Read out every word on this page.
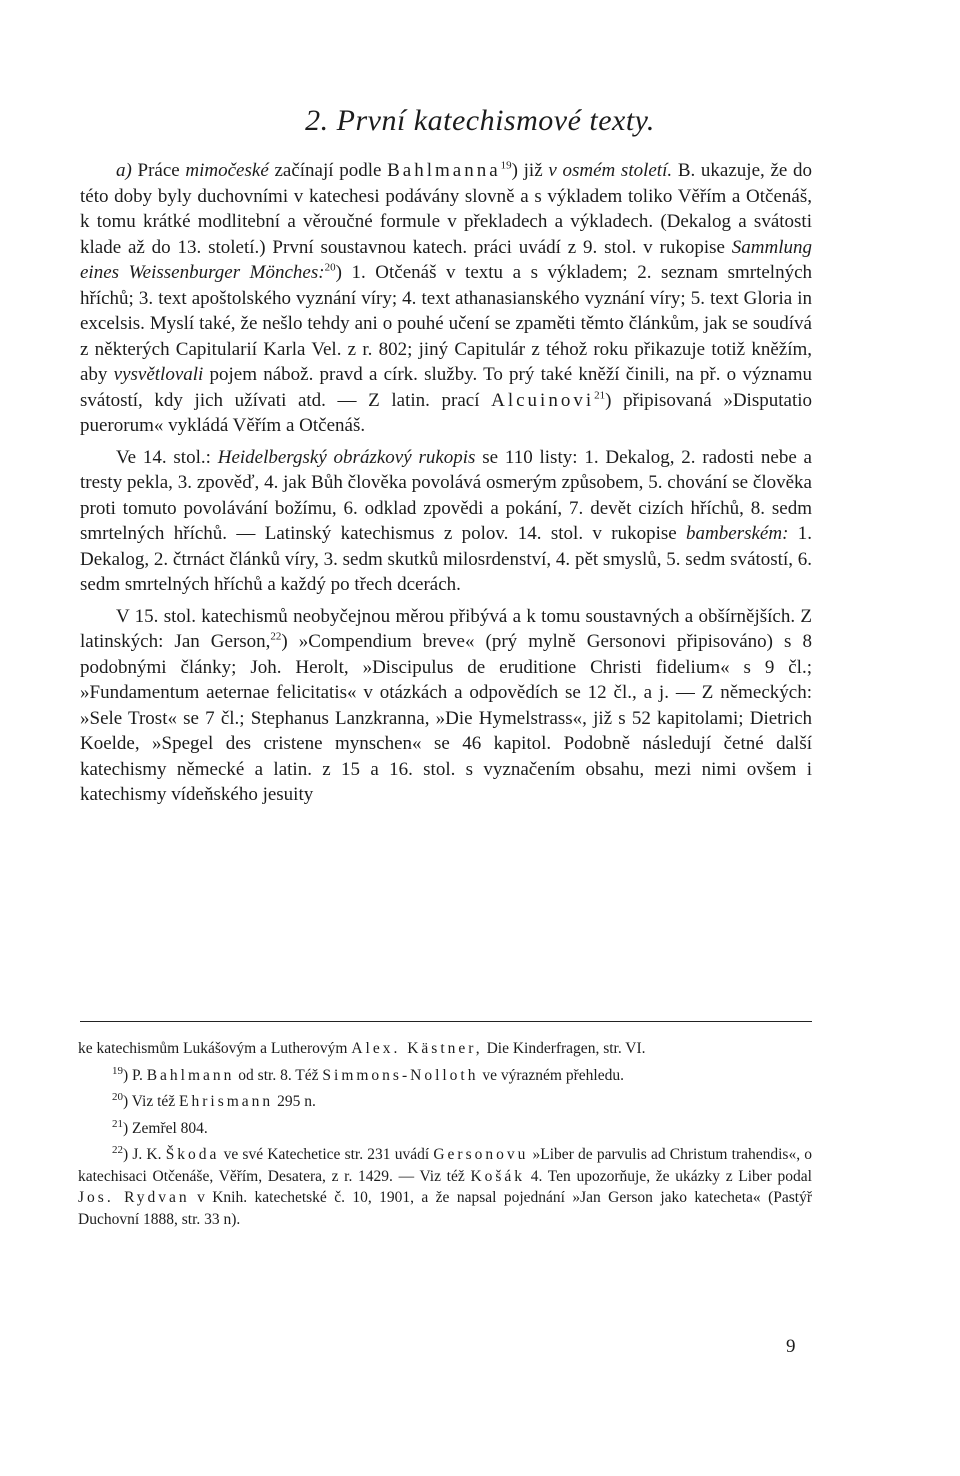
2. První katechismové texty.

a) Práce mimočeské začínají podle Bahlmanna$^{19}$) již v osmém století. B. ukazuje, že do této doby byly duchovními v katechesi podávány slovně a s výkladem toliko Věřím a Otčenáš, k tomu krátké modlitební a věroučné formule v překladech a výkladech. (Dekalog a svátosti klade až do 13. století.) První soustavnou katech. práci uvádí z 9. stol. v rukopise Sammlung eines Weissenburger Mönches:$^{20}$) 1. Otčenáš v textu a s výkladem; 2. seznam smrtelných hříchů; 3. text apoštolského vyznání víry; 4. text athanasianského vyznání víry; 5. text Gloria in excelsis. Myslí také, že nešlo tehdy ani o pouhé učení se zpaměti těmto článkům, jak se soudívá z některých Capitularií Karla Vel. z r. 802; jiný Capitulár z téhož roku přikazuje totiž kněžím, aby vysvětlovali pojem nábož. pravd a círk. služby. To prý také kněží činili, na př. o významu svátostí, kdy jich užívati atd. — Z latin. prací Alcuinovi$^{21}$) připisovaná »Disputatio puerorum« vykládá Věřím a Otčenáš.

Ve 14. stol.: Heidelbergský obrázkový rukopis se 110 listy: 1. Dekalog, 2. radosti nebe a tresty pekla, 3. zpověď, 4. jak Bůh člověka povolává osmerým způsobem, 5. chování se člověka proti tomuto povolávání božímu, 6. odklad zpovědi a pokání, 7. devět cizích hříchů, 8. sedm smrtelných hříchů. — Latinský katechismus z polov. 14. stol. v rukopise bamberském: 1. Dekalog, 2. čtrnáct článků víry, 3. sedm skutků milosrdenství, 4. pět smyslů, 5. sedm svátostí, 6. sedm smrtelných hříchů a každý po třech dcerách.

V 15. stol. katechismů neobyčejnou měrou přibývá a k tomu soustavných a obšírnějších. Z latinských: Jan Gerson,$^{22}$) »Compendium breve« (prý mylně Gersonovi připisováno) s 8 podobnými články; Joh. Herolt, »Discipulus de eruditione Christi fidelium« s 9 čl.; »Fundamentum aeternae felicitatis« v otázkách a odpovědích se 12 čl., a j. — Z německých: »Sele Trost« se 7 čl.; Stephanus Lanzkranna, »Die Hymelstrass«, již s 52 kapitolami; Dietrich Koelde, »Spegel des cristene mynschen« se 46 kapitol. Podobně následují četné další katechismy německé a latin. z 15 a 16. stol. s vyznačením obsahu, mezi nimi ovšem i katechismy vídeňského jesuity

ke katechismům Lukášovým a Lutherovým Alex. Kästner, Die Kinderfragen, str. VI.

$^{19}$) P. Bahlmann od str. 8. Též Simmons-Nolloth ve výrazném přehledu.

$^{20}$) Viz též Ehrismann 295 n.

$^{21}$) Zemřel 804.

$^{22}$) J. K. Škoda ve své Katechetice str. 231 uvádí Gersonovu »Liber de parvulis ad Christum trahendis«, o katechisaci Otčenáše, Věřím, Desatera, z r. 1429. — Viz též Košák 4. Ten upozorňuje, že ukázky z Liber podal Jos. Rydvan v Knih. katechetské č. 10, 1901, a že napsal pojednání »Jan Gerson jako katecheta« (Pastýř Duchovní 1888, str. 33 n).

9
